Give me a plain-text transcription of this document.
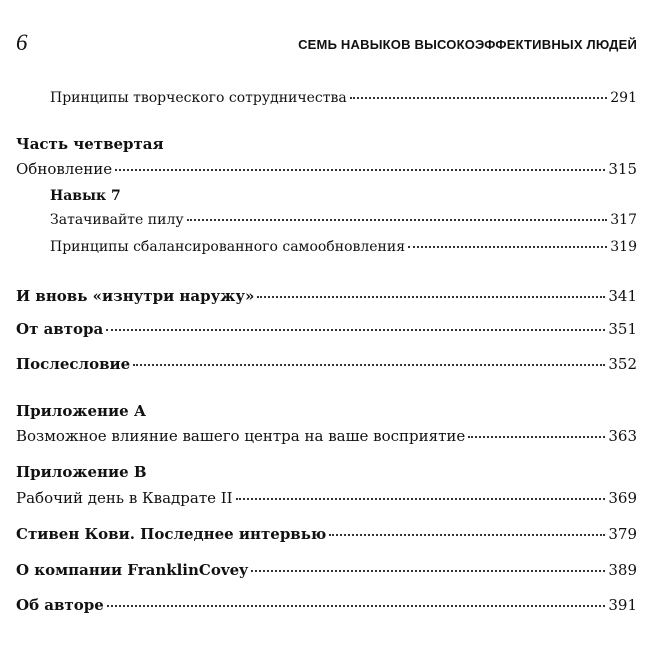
6	СЕМЬ НАВЫКОВ ВЫСОКОЭФФЕКТИВНЫХ ЛЮДЕЙ
Принципы творческого сотрудничества	291
Часть четвертая
Обновление	315
Навык 7
Затачивайте пилу	317
Принципы сбалансированного самообновления	319
И вновь «изнутри наружу»	341
От автора	351
Послесловие	352
Приложение А
Возможное влияние вашего центра на ваше восприятие	363
Приложение В
Рабочий день в Квадрате II	369
Стивен Кови. Последнее интервью	379
О компании FranklinCovey	389
Об авторе	391
